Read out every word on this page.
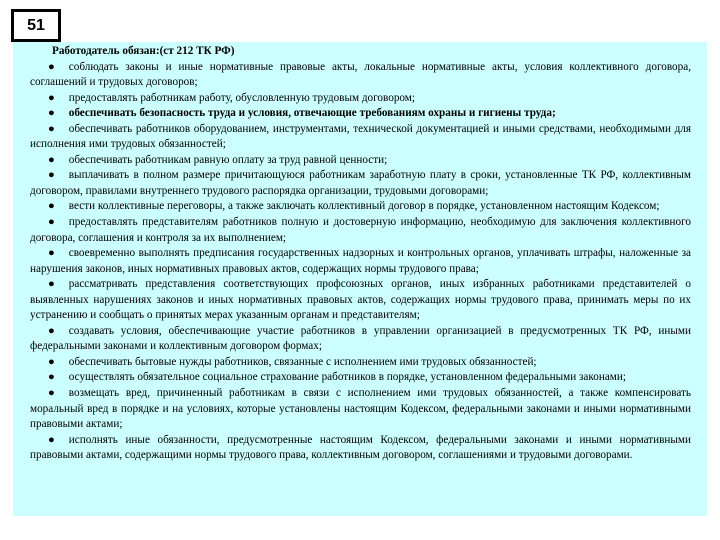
51
Работодатель обязан:(ст 212 ТК РФ)

● соблюдать законы и иные нормативные правовые акты, локальные нормативные акты, условия коллективного договора, соглашений и трудовых договоров;

● предоставлять работникам работу, обусловленную трудовым договором;

● обеспечивать безопасность труда и условия, отвечающие требованиям охраны и гигиены труда;

● обеспечивать работников оборудованием, инструментами, технической документацией и иными средствами, необходимыми для исполнения ими трудовых обязанностей;

● обеспечивать работникам равную оплату за труд равной ценности;

● выплачивать в полном размере причитающуюся работникам заработную плату в сроки, установленные ТК РФ, коллективным договором, правилами внутреннего трудового распорядка организации, трудовыми договорами;

● вести коллективные переговоры, а также заключать коллективный договор в порядке, установленном настоящим Кодексом;

● предоставлять представителям работников полную и достоверную информацию, необходимую для заключения коллективного договора, соглашения и контроля за их выполнением;

● своевременно выполнять предписания государственных надзорных и контрольных органов, уплачивать штрафы, наложенные за нарушения законов, иных нормативных правовых актов, содержащих нормы трудового права;

● рассматривать представления соответствующих профсоюзных органов, иных избранных работниками представителей о выявленных нарушениях законов и иных нормативных правовых актов, содержащих нормы трудового права, принимать меры по их устранению и сообщать о принятых мерах указанным органам и представителям;

● создавать условия, обеспечивающие участие работников в управлении организацией в предусмотренных ТК РФ, иными федеральными законами и коллективным договором формах;

● обеспечивать бытовые нужды работников, связанные с исполнением ими трудовых обязанностей;

● осуществлять обязательное социальное страхование работников в порядке, установленном федеральными законами;

● возмещать вред, причиненный работникам в связи с исполнением ими трудовых обязанностей, а также компенсировать моральный вред в порядке и на условиях, которые установлены настоящим Кодексом, федеральными законами и иными нормативными правовыми актами;

● исполнять иные обязанности, предусмотренные настоящим Кодексом, федеральными законами и иными нормативными правовыми актами, содержащими нормы трудового права, коллективным договором, соглашениями и трудовыми договорами.
